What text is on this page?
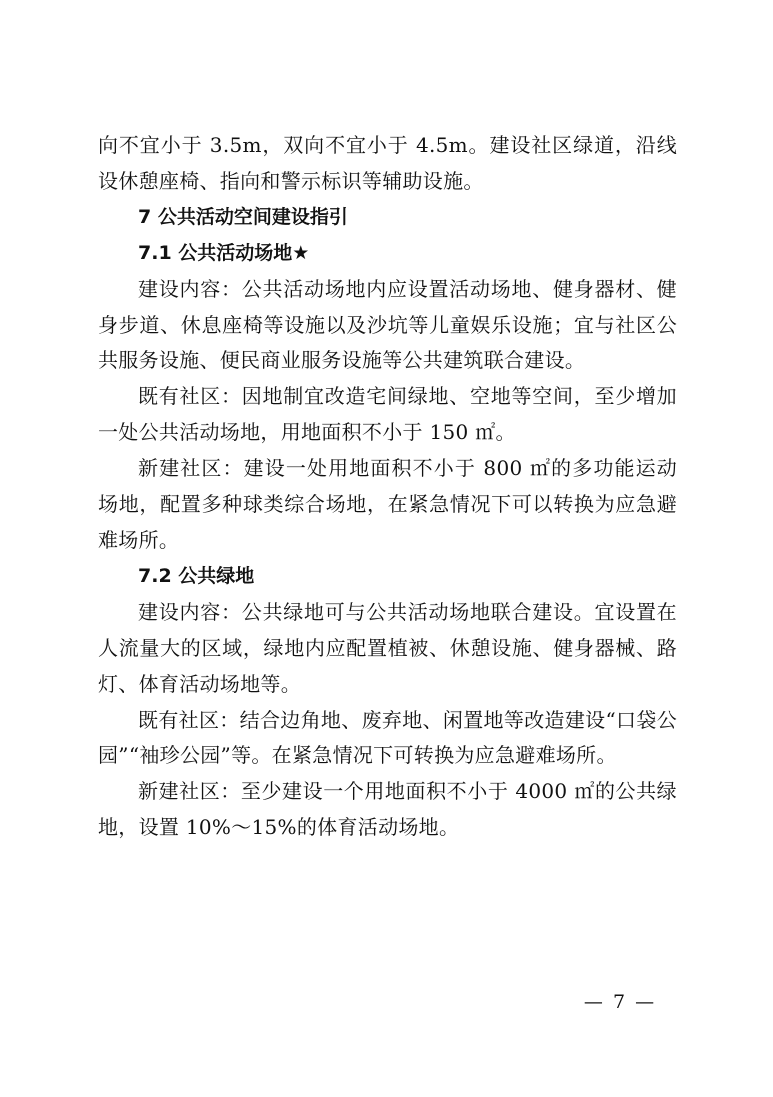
向不宜小于 3.5m，双向不宜小于 4.5m。建设社区绿道，沿线设休憩座椅、指向和警示标识等辅助设施。

7 公共活动空间建设指引

7.1 公共活动场地★

建设内容：公共活动场地内应设置活动场地、健身器材、健身步道、休息座椅等设施以及沙坑等儿童娱乐设施；宜与社区公共服务设施、便民商业服务设施等公共建筑联合建设。

既有社区：因地制宜改造宅间绿地、空地等空间，至少增加一处公共活动场地，用地面积不小于 150 ㎡。

新建社区：建设一处用地面积不小于 800 ㎡的多功能运动场地，配置多种球类综合场地，在紧急情况下可以转换为应急避难场所。

7.2 公共绿地

建设内容：公共绿地可与公共活动场地联合建设。宜设置在人流量大的区域，绿地内应配置植被、休憩设施、健身器械、路灯、体育活动场地等。

既有社区：结合边角地、废弃地、闲置地等改造建设“口袋公园”“袖珍公园”等。在紧急情况下可转换为应急避难场所。

新建社区：至少建设一个用地面积不小于 4000 ㎡的公共绿地，设置 10%～15%的体育活动场地。

— 7 —
